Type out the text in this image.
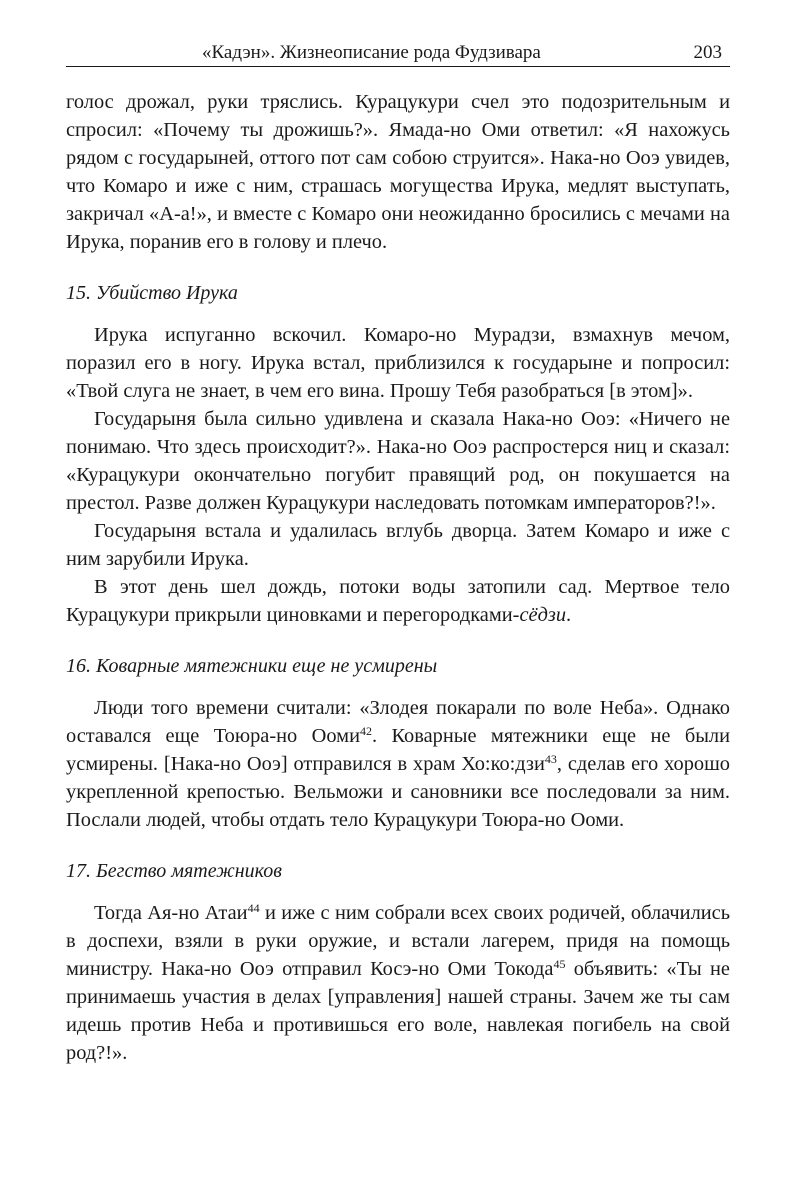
«Кадэн». Жизнеописание рода Фудзивара	203

голос дрожал, руки тряслись. Курацукури счел это подозрительным и спросил: «Почему ты дрожишь?». Ямада-но Оми ответил: «Я нахожусь рядом с государыней, оттого пот сам собою струится». Нака-но Ооэ увидев, что Комаро и иже с ним, страшась могущества Ирука, медлят выступать, закричал «А-а!», и вместе с Комаро они неожиданно бросились с мечами на Ирука, поранив его в голову и плечо.

15. Убийство Ирука

Ирука испуганно вскочил. Комаро-но Мурадзи, взмахнув мечом, поразил его в ногу. Ирука встал, приблизился к государыне и попросил: «Твой слуга не знает, в чем его вина. Прошу Тебя разобраться [в этом]».

Государыня была сильно удивлена и сказала Нака-но Ооэ: «Ничего не понимаю. Что здесь происходит?». Нака-но Ооэ распростерся ниц и сказал: «Курацукури окончательно погубит правящий род, он покушается на престол. Разве должен Курацукури наследовать потомкам императоров?!».

Государыня встала и удалилась вглубь дворца. Затем Комаро и иже с ним зарубили Ирука.

В этот день шел дождь, потоки воды затопили сад. Мертвое тело Курацукури прикрыли циновками и перегородками-сёдзи.

16. Коварные мятежники еще не усмирены

Люди того времени считали: «Злодея покарали по воле Неба». Однако оставался еще Тоюра-но Ооми$^{42}$. Коварные мятежники еще не были усмирены. [Нака-но Ооэ] отправился в храм Хо:ко:дзи$^{43}$, сделав его хорошо укрепленной крепостью. Вельможи и сановники все последовали за ним. Послали людей, чтобы отдать тело Курацукури Тоюра-но Ооми.

17. Бегство мятежников

Тогда Ая-но Атаи$^{44}$ и иже с ним собрали всех своих родичей, облачились в доспехи, взяли в руки оружие, и встали лагерем, придя на помощь министру. Нака-но Ооэ отправил Косэ-но Оми Токода$^{45}$ объявить: «Ты не принимаешь участия в делах [управления] нашей страны. Зачем же ты сам идешь против Неба и противишься его воле, навлекая погибель на свой род?!».
